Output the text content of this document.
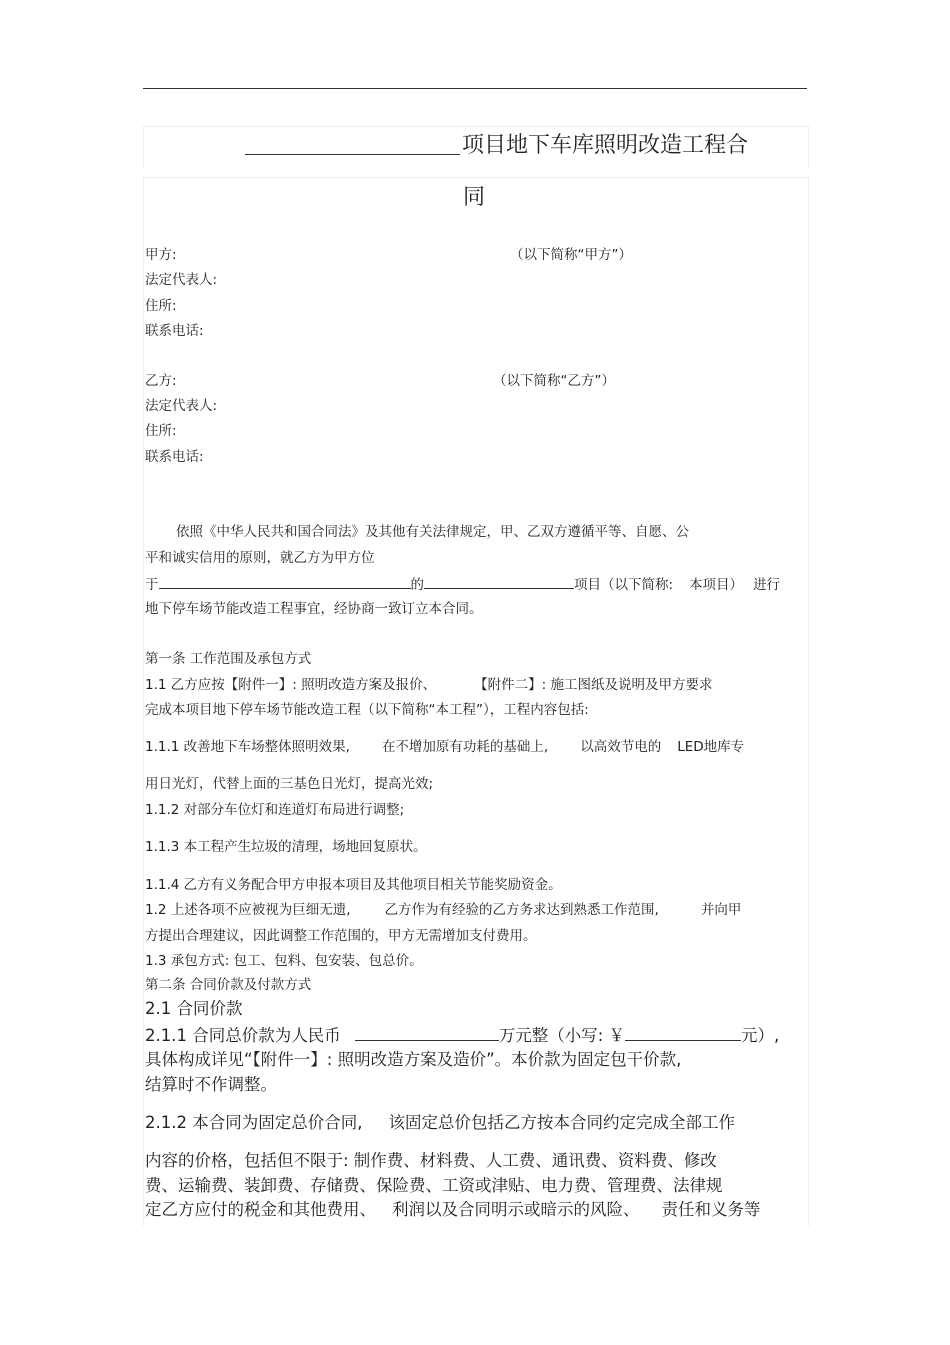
项目地下车库照明改造工程合
同
甲方:	（以下简称“甲方”）
法定代表人:
住所:
联系电话:
乙方:	（以下简称“乙方”）
法定代表人:
住所:
联系电话:
依照《中华人民共和国合同法》及其他有关法律规定，甲、乙双方遵循平等、自愿、公
平和诚实信用的原则，就乙方为甲方位
于	的	项目（以下简称: 本项目） 进行
地下停车场节能改造工程事宜，经协商一致订立本合同。
第一条 工作范围及承包方式
1.1 乙方应按【附件一】: 照明改造方案及报价、	【附件二】: 施工图纸及说明及甲方要求
完成本项目地下停车场节能改造工程（以下简称“本工程”），工程内容包括:
1.1.1 改善地下车场整体照明效果, 在不增加原有功耗的基础上, 以高效节电的 LED地库专
用日光灯，代替上面的三基色日光灯，提高光效;
1.1.2 对部分车位灯和连道灯布局进行调整;
1.1.3 本工程产生垃圾的清理，场地回复原状。
1.1.4 乙方有义务配合甲方申报本项目及其他项目相关节能奖励资金。
1.2 上述各项不应被视为巨细无遗,	乙方作为有经验的乙方务求达到熟悉工作范围,	并向甲
方提出合理建议，因此调整工作范围的，甲方无需增加支付费用。
1.3 承包方式: 包工、包料、包安装、包总价。
第二条 合同价款及付款方式
2.1 合同价款
2.1.1 合同总价款为人民币	万元整（小写: ￥	元）,
具体构成详见“【附件一】: 照明改造方案及造价”。本价款为固定包干价款,
结算时不作调整。
2.1.2 本合同为固定总价合同, 该固定总价包括乙方按本合同约定完成全部工作
内容的价格，包括但不限于: 制作费、材料费、人工费、通讯费、资料费、修改
费、运输费、装卸费、存储费、保险费、工资或津贴、电力费、管理费、法律规
定乙方应付的税金和其他费用、 利润以及合同明示或暗示的风险、 责任和义务等
